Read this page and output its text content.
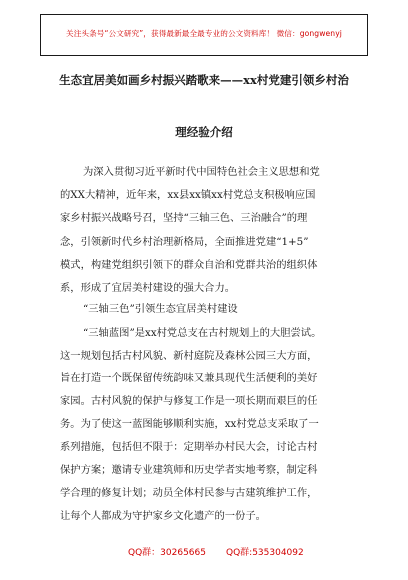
关注头条号“公文研究”，获得最新最全最专业的公文资料库！ 微信：gongwenyj
生态宜居美如画乡村振兴踏歌来——xx村党建引领乡村治
理经验介绍
为深入贯彻习近平新时代中国特色社会主义思想和党
的XX大精神，近年来，xx县xx镇xx村党总支积极响应国
家乡村振兴战略号召，坚持“三轴三色、三治融合”的理
念，引领新时代乡村治理新格局，全面推进党建“1+5”
模式，构建党组织引领下的群众自治和党群共治的组织体
系，形成了宜居美村建设的强大合力。
“三轴三色”引领生态宜居美村建设
“三轴蓝图”是xx村党总支在古村规划上的大胆尝试。
这一规划包括古村风貌、新村庭院及森林公园三大方面，
旨在打造一个既保留传统韵味又兼具现代生活便利的美好
家园。古村风貌的保护与修复工作是一项长期而艰巨的任
务。为了使这一蓝图能够顺利实施，xx村党总支采取了一
系列措施，包括但不限于：定期举办村民大会，讨论古村
保护方案；邀请专业建筑师和历史学者实地考察，制定科
学合理的修复计划；动员全体村民参与古建筑维护工作，
让每个人都成为守护家乡文化遗产的一份子。
QQ群：30265665 QQ群:535304092
